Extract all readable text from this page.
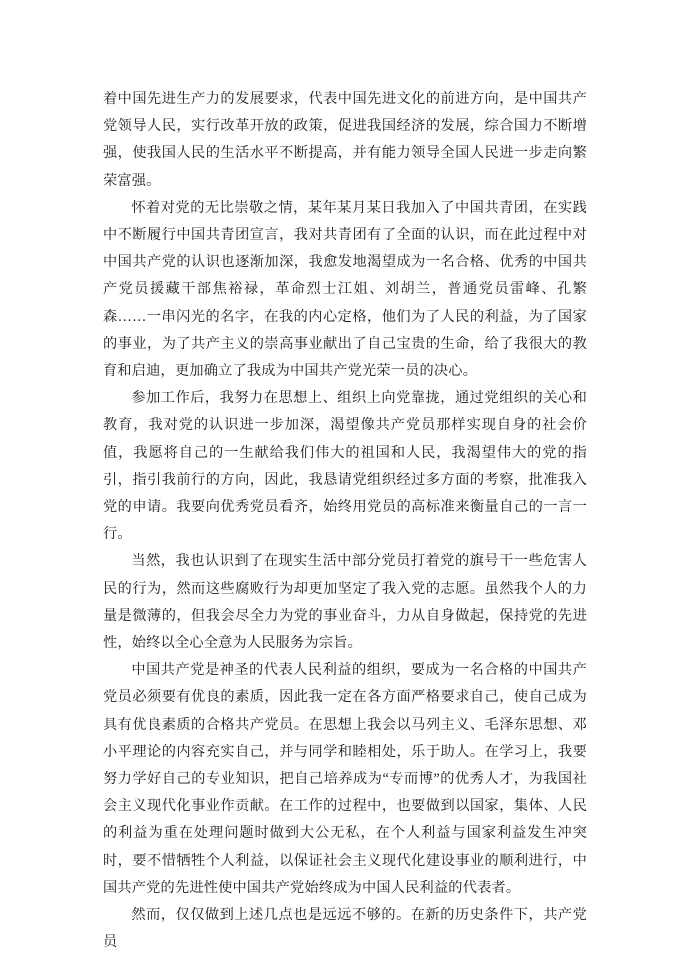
着中国先进生产力的发展要求，代表中国先进文化的前进方向，是中国共产党领导人民，实行改革开放的政策，促进我国经济的发展，综合国力不断增强，使我国人民的生活水平不断提高，并有能力领导全国人民进一步走向繁荣富强。

怀着对党的无比崇敬之情，某年某月某日我加入了中国共青团，在实践中不断履行中国共青团宣言，我对共青团有了全面的认识，而在此过程中对中国共产党的认识也逐渐加深，我愈发地渴望成为一名合格、优秀的中国共产党员援藏干部焦裕禄，革命烈士江姐、刘胡兰，普通党员雷峰、孔繁森……一串闪光的名字，在我的内心定格，他们为了人民的利益，为了国家的事业，为了共产主义的崇高事业献出了自己宝贵的生命，给了我很大的教育和启迪，更加确立了我成为中国共产党光荣一员的决心。

参加工作后，我努力在思想上、组织上向党靠拢，通过党组织的关心和教育，我对党的认识进一步加深，渴望像共产党员那样实现自身的社会价值，我愿将自己的一生献给我们伟大的祖国和人民，我渴望伟大的党的指引，指引我前行的方向，因此，我恳请党组织经过多方面的考察，批准我入党的申请。我要向优秀党员看齐，始终用党员的高标准来衡量自己的一言一行。

当然，我也认识到了在现实生活中部分党员打着党的旗号干一些危害人民的行为，然而这些腐败行为却更加坚定了我入党的志愿。虽然我个人的力量是微薄的，但我会尽全力为党的事业奋斗，力从自身做起，保持党的先进性，始终以全心全意为人民服务为宗旨。

中国共产党是神圣的代表人民利益的组织，要成为一名合格的中国共产党员必须要有优良的素质，因此我一定在各方面严格要求自己，使自己成为具有优良素质的合格共产党员。在思想上我会以马列主义、毛泽东思想、邓小平理论的内容充实自己，并与同学和睦相处，乐于助人。在学习上，我要努力学好自己的专业知识，把自己培养成为“专而博”的优秀人才，为我国社会主义现代化事业作贡献。在工作的过程中，也要做到以国家，集体、人民的利益为重在处理问题时做到大公无私，在个人利益与国家利益发生冲突时，要不惜牺牲个人利益，以保证社会主义现代化建设事业的顺利进行，中国共产党的先进性使中国共产党始终成为中国人民利益的代表者。

然而，仅仅做到上述几点也是远远不够的。在新的历史条件下，共产党员
